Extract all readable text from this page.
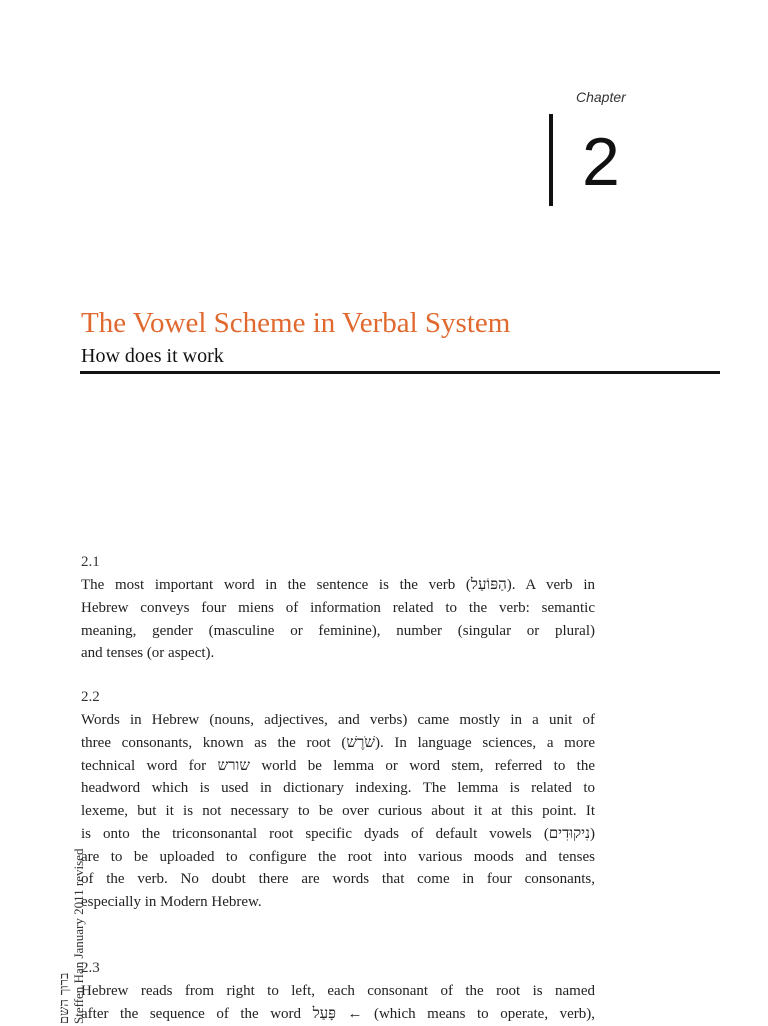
Chapter

2

The Vowel Scheme in Verbal System
How does it work

2.1

The most important word in the sentence is the verb (הַפּוֹעַל). A verb in
Hebrew conveys four miens of information related to the verb: semantic
meaning, gender (masculine or feminine), number (singular or plural)
and tenses (or aspect).

2.2

Words in Hebrew (nouns, adjectives, and verbs) came mostly in a unit of
three consonants, known as the root (שֹׁרֶשׁ). In language sciences, a more
technical word for שורש world be lemma or word stem, referred to the
headword which is used in dictionary indexing. The lemma is related to
lexeme, but it is not necessary to be over curious about it at this point. It
is onto the triconsonantal root specific dyads of default vowels (נִיקוּדִים)
are to be uploaded to configure the root into various moods and tenses
of the verb. No doubt there are words that come in four consonants,
especially in Modern Hebrew.

2.3

Hebrew reads from right to left, each consonant of the root is named
after the sequence of the word פָּעַל ← (which means to operate, verb),

ברוך השם Steffen Han January 2011 revised
